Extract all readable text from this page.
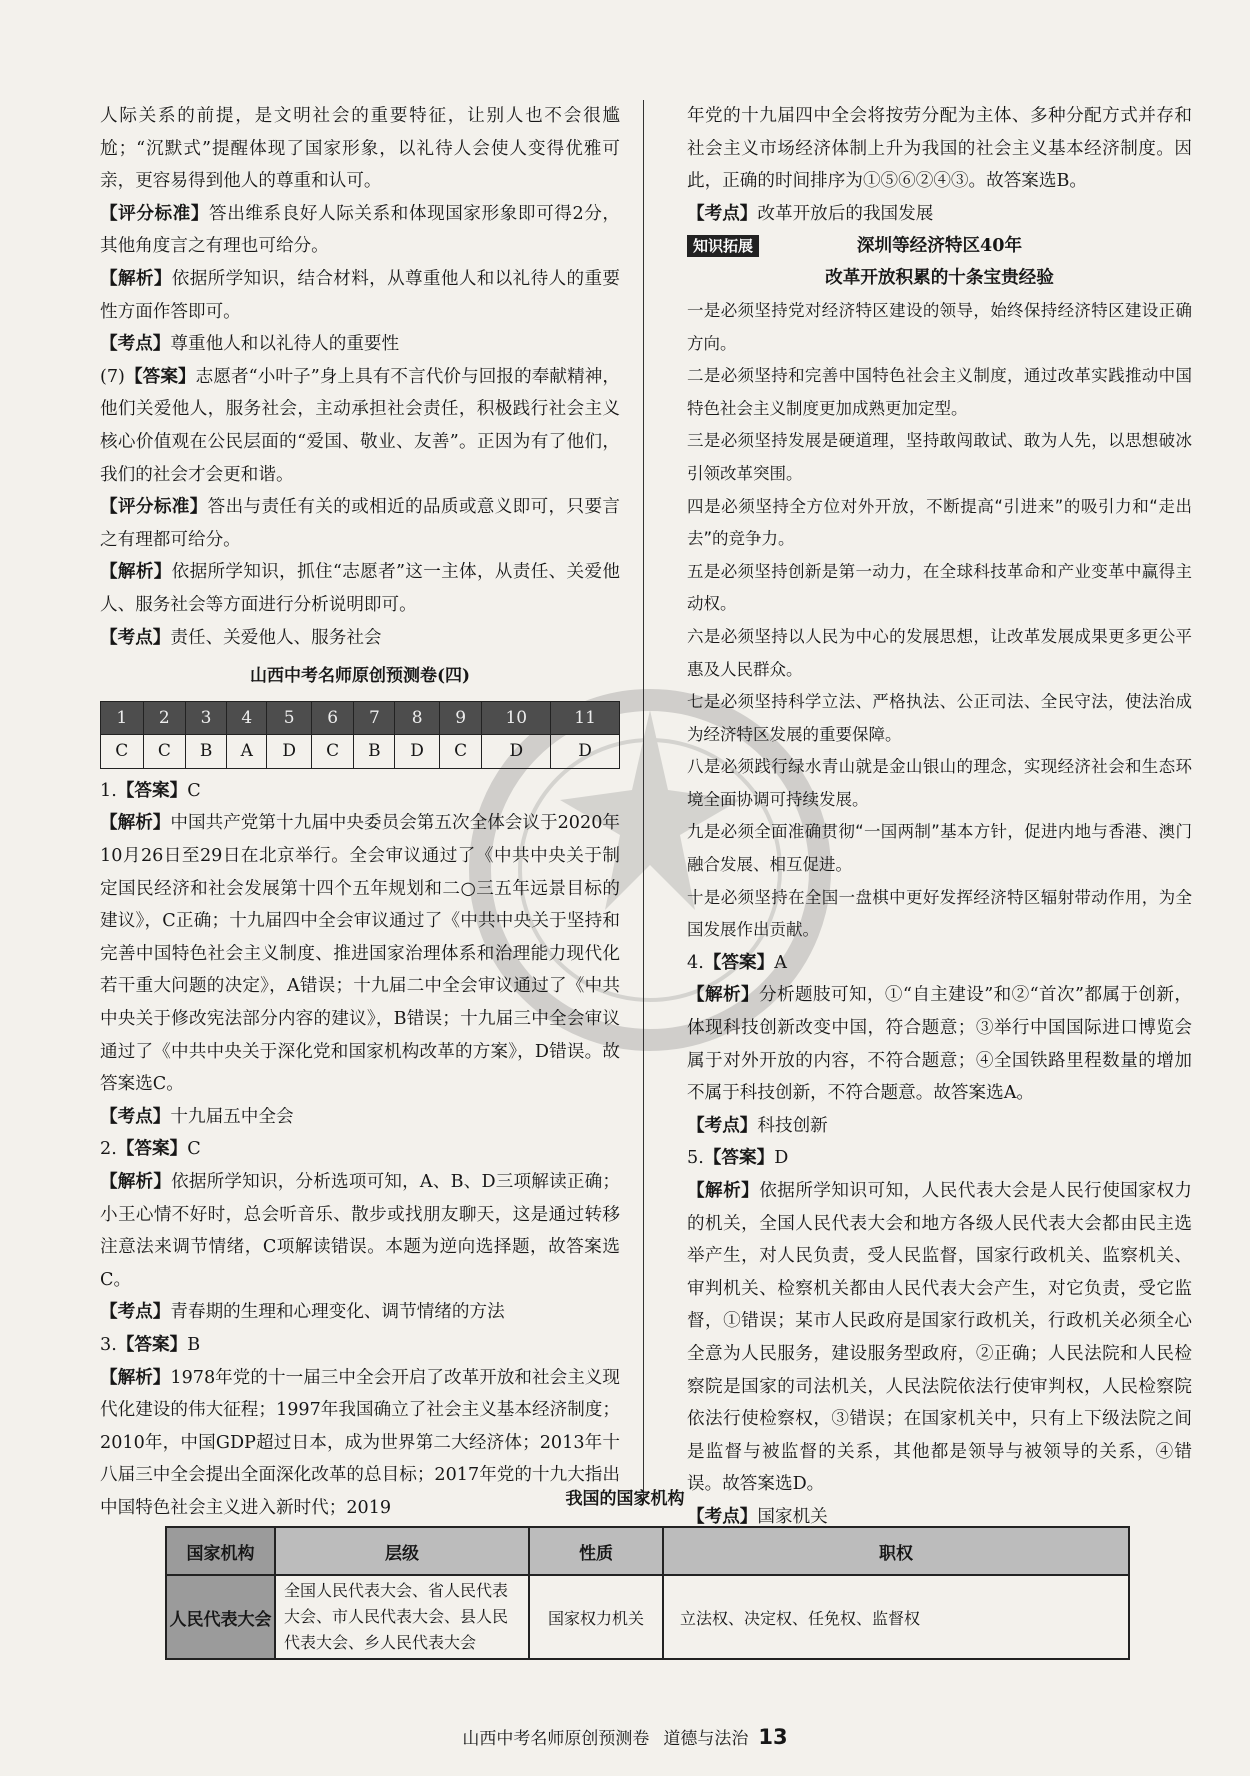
人际关系的前提，是文明社会的重要特征，让别人也不会很尴尬；“沉默式”提醒体现了国家形象，以礼待人会使人变得优雅可亲，更容易得到他人的尊重和认可。

【评分标准】答出维系良好人际关系和体现国家形象即可得2分，其他角度言之有理也可给分。

【解析】依据所学知识，结合材料，从尊重他人和以礼待人的重要性方面作答即可。

【考点】尊重他人和以礼待人的重要性

(7)【答案】志愿者“小叶子”身上具有不言代价与回报的奉献精神，他们关爱他人，服务社会，主动承担社会责任，积极践行社会主义核心价值观在公民层面的“爱国、敬业、友善”。正因为有了他们，我们的社会才会更和谐。

【评分标准】答出与责任有关的或相近的品质或意义即可，只要言之有理都可给分。

【解析】依据所学知识，抓住“志愿者”这一主体，从责任、关爱他人、服务社会等方面进行分析说明即可。

【考点】责任、关爱他人、服务社会

山西中考名师原创预测卷(四)
1	2	3	4	5	6	7	8	9	10	11
C	C	B	A	D	C	B	D	C	D	D

1.【答案】C

【解析】中国共产党第十九届中央委员会第五次全体会议于2020年10月26日至29日在北京举行。全会审议通过了《中共中央关于制定国民经济和社会发展第十四个五年规划和二○三五年远景目标的建议》，C正确；十九届四中全会审议通过了《中共中央关于坚持和完善中国特色社会主义制度、推进国家治理体系和治理能力现代化若干重大问题的决定》，A错误；十九届二中全会审议通过了《中共中央关于修改宪法部分内容的建议》，B错误；十九届三中全会审议通过了《中共中央关于深化党和国家机构改革的方案》，D错误。故答案选C。

【考点】十九届五中全会

2.【答案】C

【解析】依据所学知识，分析选项可知，A、B、D三项解读正确；小王心情不好时，总会听音乐、散步或找朋友聊天，这是通过转移注意法来调节情绪，C项解读错误。本题为逆向选择题，故答案选C。

【考点】青春期的生理和心理变化、调节情绪的方法

3.【答案】B

【解析】1978年党的十一届三中全会开启了改革开放和社会主义现代化建设的伟大征程；1997年我国确立了社会主义基本经济制度；2010年，中国GDP超过日本，成为世界第二大经济体；2013年十八届三中全会提出全面深化改革的总目标；2017年党的十九大指出中国特色社会主义进入新时代；2019

年党的十九届四中全会将按劳分配为主体、多种分配方式并存和社会主义市场经济体制上升为我国的社会主义基本经济制度。因此，正确的时间排序为①⑤⑥②④③。故答案选B。

【考点】改革开放后的我国发展

深圳等经济特区40年
知识拓展
改革开放积累的十条宝贵经验

一是必须坚持党对经济特区建设的领导，始终保持经济特区建设正确方向。

二是必须坚持和完善中国特色社会主义制度，通过改革实践推动中国特色社会主义制度更加成熟更加定型。

三是必须坚持发展是硬道理，坚持敢闯敢试、敢为人先，以思想破冰引领改革突围。

四是必须坚持全方位对外开放，不断提高“引进来”的吸引力和“走出去”的竞争力。

五是必须坚持创新是第一动力，在全球科技革命和产业变革中赢得主动权。

六是必须坚持以人民为中心的发展思想，让改革发展成果更多更公平惠及人民群众。

七是必须坚持科学立法、严格执法、公正司法、全民守法，使法治成为经济特区发展的重要保障。

八是必须践行绿水青山就是金山银山的理念，实现经济社会和生态环境全面协调可持续发展。

九是必须全面准确贯彻“一国两制”基本方针，促进内地与香港、澳门融合发展、相互促进。

十是必须坚持在全国一盘棋中更好发挥经济特区辐射带动作用，为全国发展作出贡献。

4.【答案】A

【解析】分析题肢可知，①“自主建设”和②“首次”都属于创新，体现科技创新改变中国，符合题意；③举行中国国际进口博览会属于对外开放的内容，不符合题意；④全国铁路里程数量的增加不属于科技创新，不符合题意。故答案选A。

【考点】科技创新

5.【答案】D

【解析】依据所学知识可知，人民代表大会是人民行使国家权力的机关，全国人民代表大会和地方各级人民代表大会都由民主选举产生，对人民负责，受人民监督，国家行政机关、监察机关、审判机关、检察机关都由人民代表大会产生，对它负责，受它监督，①错误；某市人民政府是国家行政机关，行政机关必须全心全意为人民服务，建设服务型政府，②正确；人民法院和人民检察院是国家的司法机关，人民法院依法行使审判权，人民检察院依法行使检察权，③错误；在国家机关中，只有上下级法院之间是监督与被监督的关系，其他都是领导与被领导的关系，④错误。故答案选D。

【考点】国家机关

我国的国家机构
国家机构	层级	性质	职权
人民代表大会	全国人民代表大会、省人民代表大会、市人民代表大会、县人民代表大会、乡人民代表大会	国家权力机关	立法权、决定权、任免权、监督权
山西中考名师原创预测卷 道德与法治 13
